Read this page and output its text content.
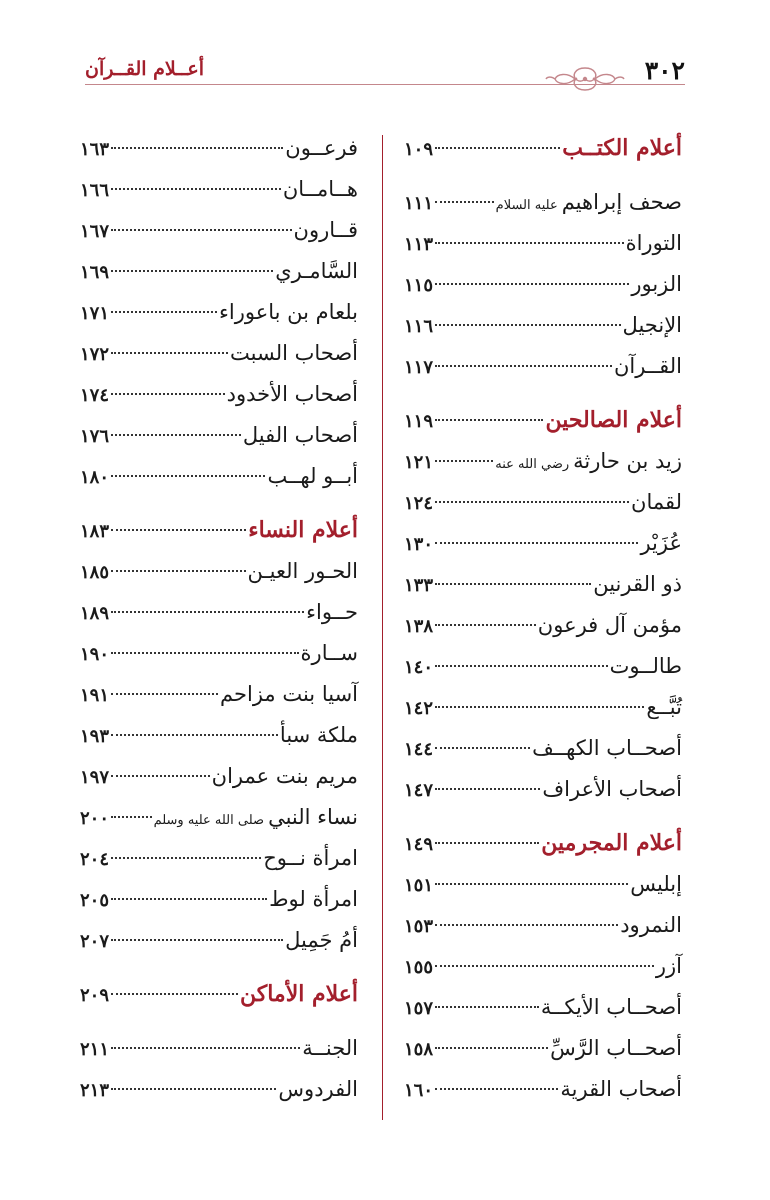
٣٠٢
أعــلام القــرآن
أعلام الكتــب
١٠٩
صحف إبراهيم
عليه السلام
١١١
التوراة
١١٣
الزبور
١١٥
الإنجيل
١١٦
القــرآن
١١٧
أعلام الصالحين
١١٩
زيد بن حارثة
رضي الله عنه
١٢١
لقمان
١٢٤
عُزَيْر
١٣٠
ذو القرنين
١٣٣
مؤمن آل فرعون
١٣٨
طالــوت
١٤٠
تُبَّــع
١٤٢
أصحــاب الكهــف
١٤٤
أصحاب الأعراف
١٤٧
أعلام المجرمين
١٤٩
إبليس
١٥١
النمرود
١٥٣
آزر
١٥٥
أصحــاب الأيكــة
١٥٧
أصحــاب الرَّسِّ
١٥٨
أصحاب القرية
١٦٠
فرعــون
١٦٣
هــامــان
١٦٦
قــارون
١٦٧
السَّامـري
١٦٩
بلعام بن باعوراء
١٧١
أصحاب السبت
١٧٢
أصحاب الأخدود
١٧٤
أصحاب الفيل
١٧٦
أبــو لهــب
١٨٠
أعلام النساء
١٨٣
الحـور العيـن
١٨٥
حــواء
١٨٩
ســارة
١٩٠
آسيا بنت مزاحم
١٩١
ملكة سبأ
١٩٣
مريم بنت عمران
١٩٧
نساء النبي
صلى الله عليه وسلم
٢٠٠
امرأة نــوح
٢٠٤
امرأة لوط
٢٠٥
أمُ جَمِيل
٢٠٧
أعلام الأماكن
٢٠٩
الجنــة
٢١١
الفردوس
٢١٣
